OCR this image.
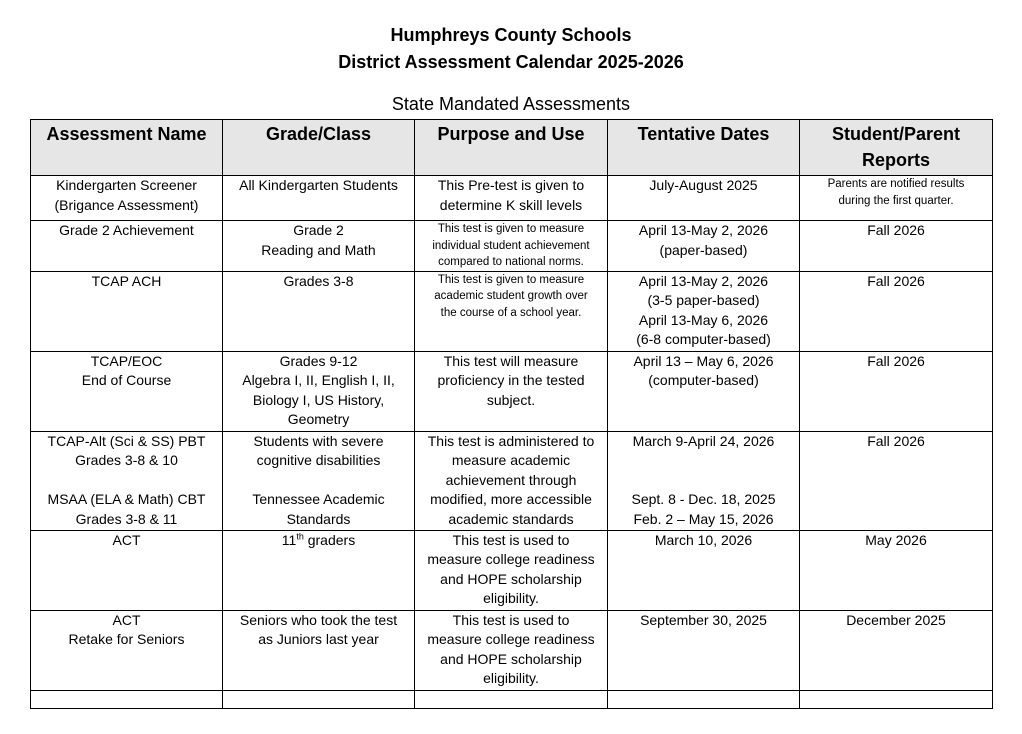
Humphreys County Schools
District Assessment Calendar 2025-2026
State Mandated Assessments
Assessment Name	Grade/Class	Purpose and Use	Tentative Dates	Student/Parent Reports

Kindergarten Screener
(Brigance Assessment)	All Kindergarten Students	This Pre-test is given to
determine K skill levels	July-August 2025	Parents are notified results
during the first quarter.

Grade 2 Achievement	Grade 2
Reading and Math	This test is given to measure
individual student achievement
compared to national norms.	April 13-May 2, 2026
(paper-based)	Fall 2026

TCAP ACH	Grades 3-8	This test is given to measure
academic student growth over
the course of a school year.	April 13-May 2, 2026
(3-5 paper-based)
April 13-May 6, 2026
(6-8 computer-based)	Fall 2026

TCAP/EOC
End of Course	Grades 9-12
Algebra I, II, English I, II,
Biology I, US History,
Geometry	This test will measure
proficiency in the tested
subject.	April 13 – May 6, 2026
(computer-based)	Fall 2026

TCAP-Alt (Sci & SS) PBT
Grades 3-8 & 10
MSAA (ELA & Math) CBT
Grades 3-8 & 11	Students with severe
cognitive disabilities
Tennessee Academic
Standards	This test is administered to
measure academic
achievement through
modified, more accessible
academic standards	March 9-April 24, 2026
Sept. 8 - Dec. 18, 2025
Feb. 2 – May 15, 2026	Fall 2026

ACT	11th graders	This test is used to
measure college readiness
and HOPE scholarship
eligibility.	March 10, 2026	May 2026

ACT
Retake for Seniors	Seniors who took the test
as Juniors last year	This test is used to
measure college readiness
and HOPE scholarship
eligibility.	September 30, 2025	December 2025
